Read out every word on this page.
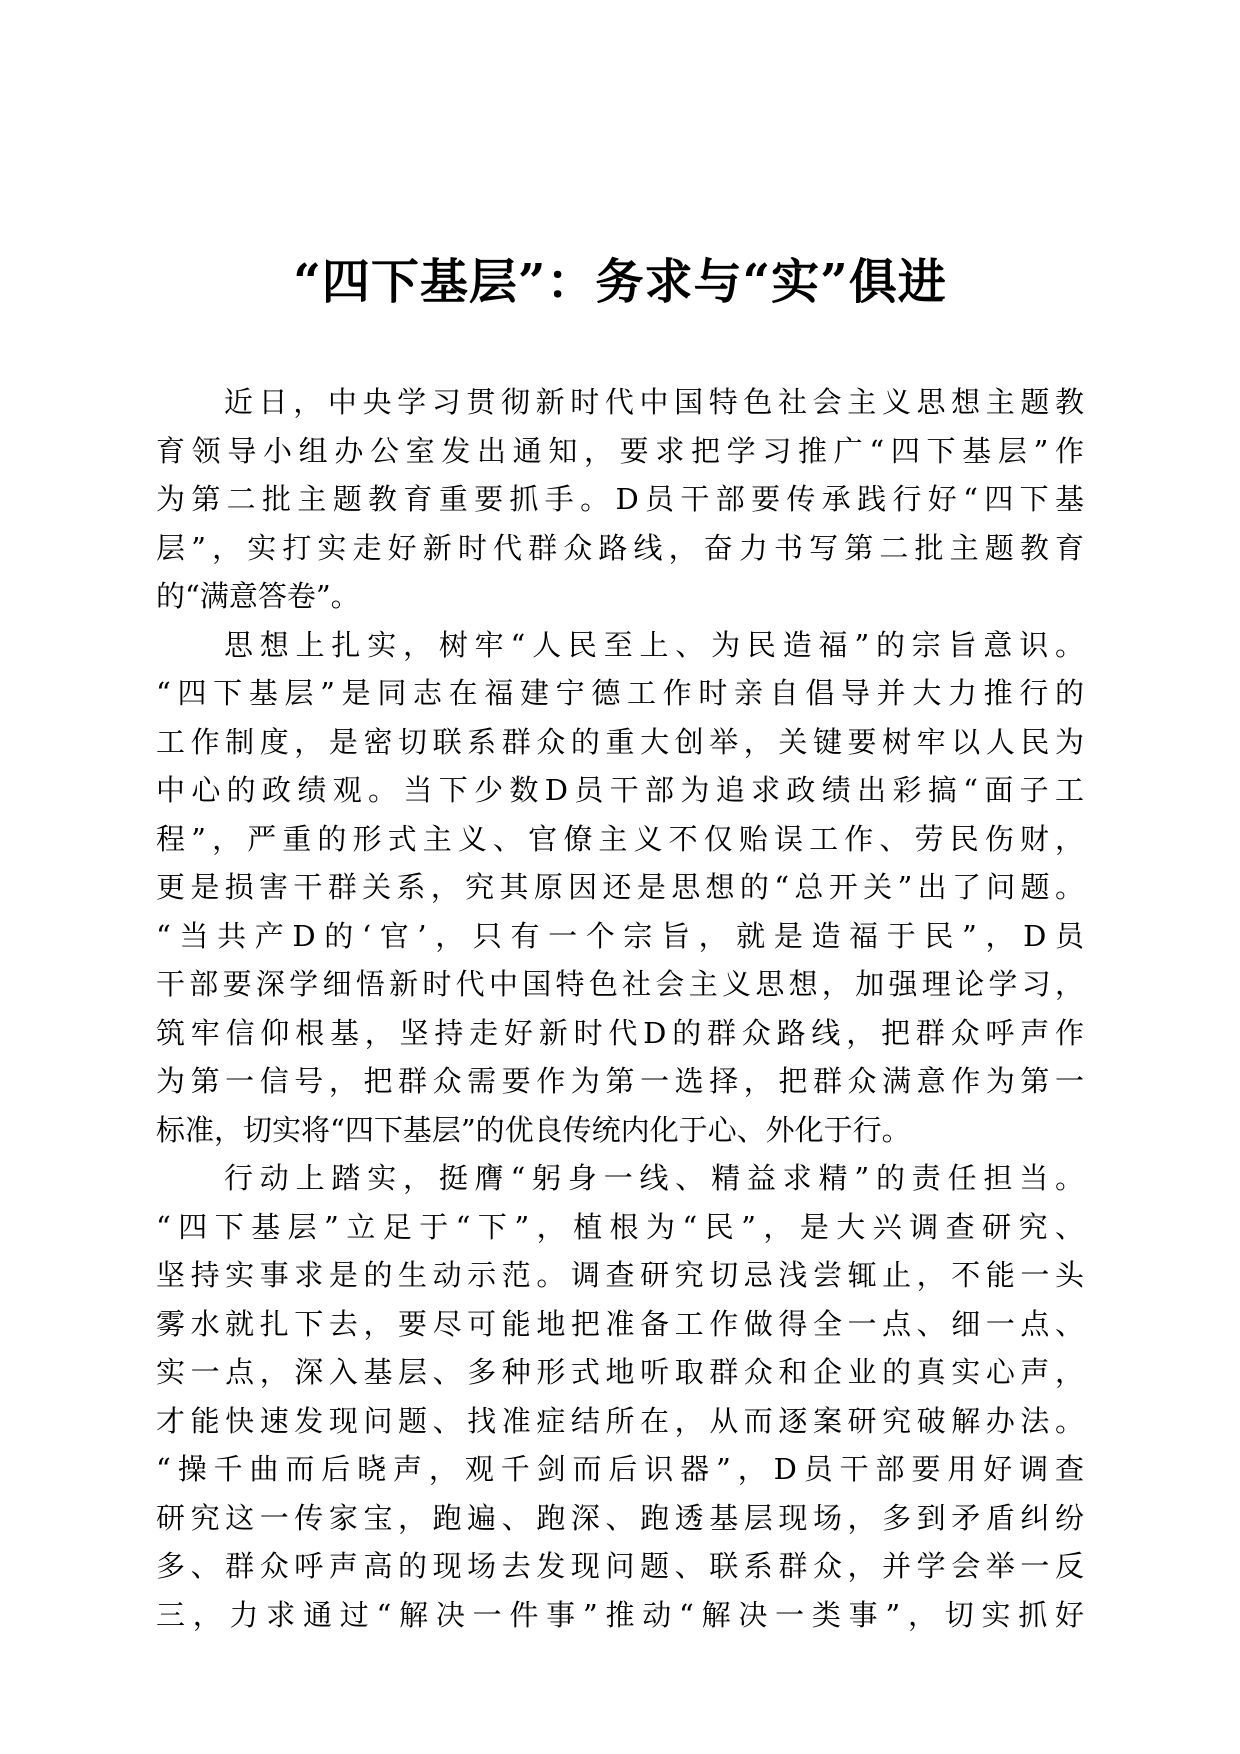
“四下基层”：务求与“实”俱进
近日，中央学习贯彻新时代中国特色社会主义思想主题教
育领导小组办公室发出通知，要求把学习推广“四下基层”作
为第二批主题教育重要抓手。D员干部要传承践行好“四下基
层”，实打实走好新时代群众路线，奋力书写第二批主题教育
的“满意答卷”。
思想上扎实，树牢“人民至上、为民造福”的宗旨意识。
“四下基层”是同志在福建宁德工作时亲自倡导并大力推行的
工作制度，是密切联系群众的重大创举，关键要树牢以人民为
中心的政绩观。当下少数D员干部为追求政绩出彩搞“面子工
程”，严重的形式主义、官僚主义不仅贻误工作、劳民伤财，
更是损害干群关系，究其原因还是思想的“总开关”出了问题。
“当共产D的‘官’，只有一个宗旨，就是造福于民”，D员
干部要深学细悟新时代中国特色社会主义思想，加强理论学习，
筑牢信仰根基，坚持走好新时代D的群众路线，把群众呼声作
为第一信号，把群众需要作为第一选择，把群众满意作为第一
标准，切实将“四下基层”的优良传统内化于心、外化于行。
行动上踏实，挺膺“躬身一线、精益求精”的责任担当。
“四下基层”立足于“下”，植根为“民”，是大兴调查研究、
坚持实事求是的生动示范。调查研究切忌浅尝辄止，不能一头
雾水就扎下去，要尽可能地把准备工作做得全一点、细一点、
实一点，深入基层、多种形式地听取群众和企业的真实心声，
才能快速发现问题、找准症结所在，从而逐案研究破解办法。
“操千曲而后晓声，观千剑而后识器”，D员干部要用好调查
研究这一传家宝，跑遍、跑深、跑透基层现场，多到矛盾纠纷
多、群众呼声高的现场去发现问题、联系群众，并学会举一反
三，力求通过“解决一件事”推动“解决一类事”，切实抓好
